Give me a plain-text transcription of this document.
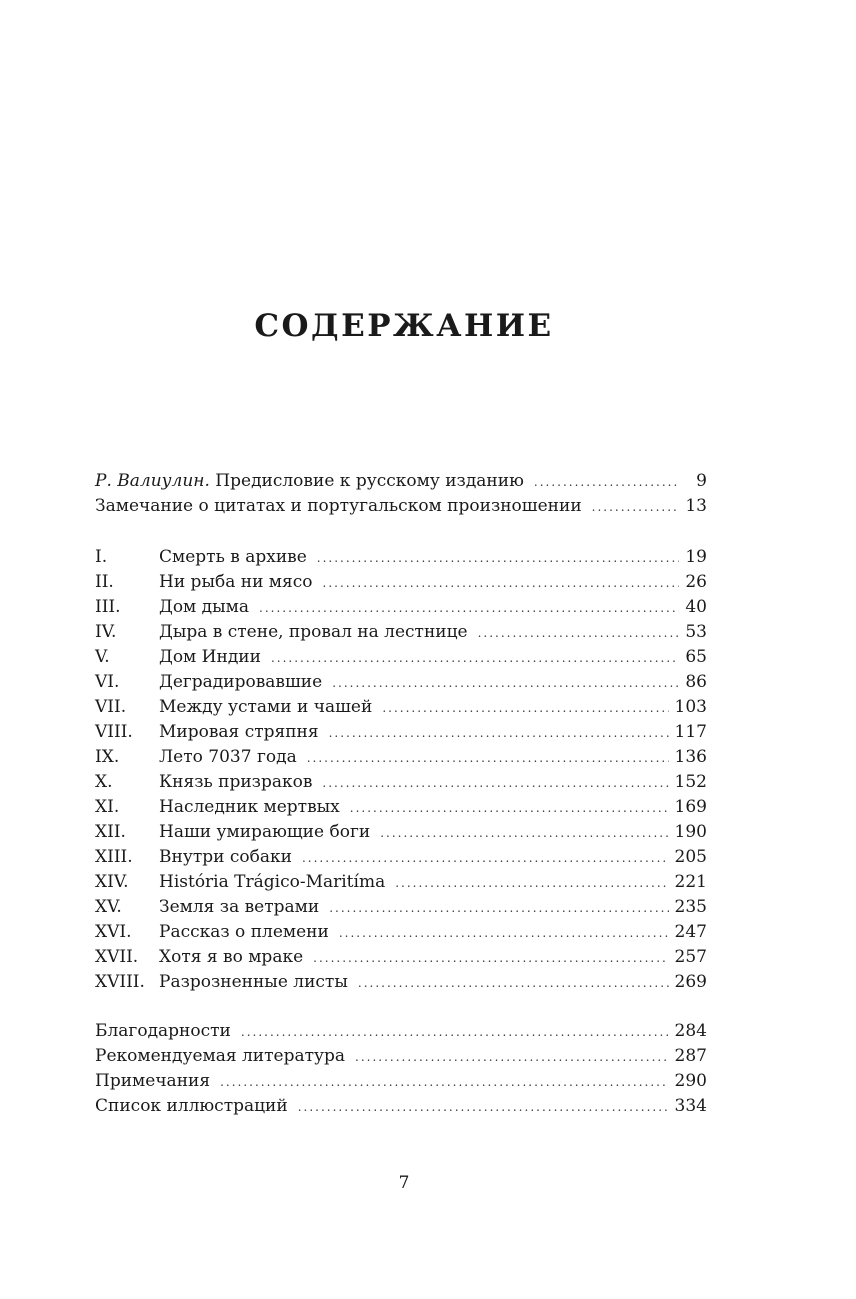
СОДЕРЖАНИЕ
Р. Валиулин. Предисловие к русскому изданию .....	9
Замечание о цитатах и португальском произношении .....	13
I.	Смерть в архиве .....	19
II.	Ни рыба ни мясо .....	26
III.	Дом дыма .....	40
IV.	Дыра в стене, провал на лестнице .....	53
V.	Дом Индии .....	65
VI.	Деградировавшие .....	86
VII.	Между устами и чашей .....	103
VIII.	Мировая стряпня .....	117
IX.	Лето 7037 года .....	136
X.	Князь призраков .....	152
XI.	Наследник мертвых .....	169
XII.	Наши умирающие боги .....	190
XIII.	Внутри собаки .....	205
XIV.	História Trágico-Maritíma .....	221
XV.	Земля за ветрами .....	235
XVI.	Рассказ о племени .....	247
XVII.	Хотя я во мраке .....	257
XVIII. Разрозненные листы .....	269
Благодарности .....	284
Рекомендуемая литература .....	287
Примечания .....	290
Список иллюстраций .....	334
7
